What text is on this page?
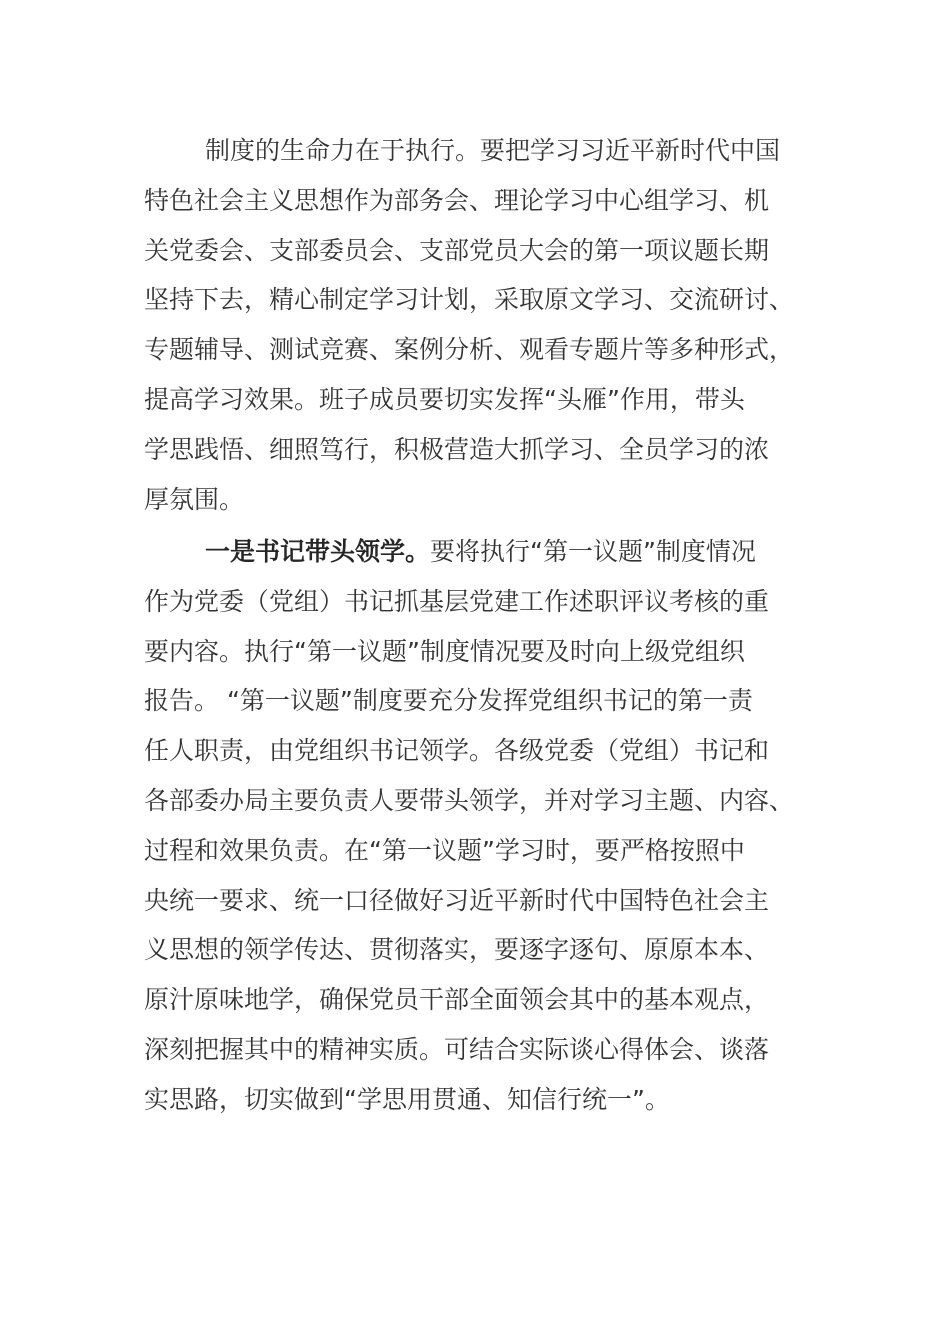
制度的生命力在于执行。要把学习习近平新时代中国
特色社会主义思想作为部务会、理论学习中心组学习、机
关党委会、支部委员会、支部党员大会的第一项议题长期
坚持下去，精心制定学习计划，采取原文学习、交流研讨、
专题辅导、测试竞赛、案例分析、观看专题片等多种形式，
提高学习效果。班子成员要切实发挥“头雁”作用，带头
学思践悟、细照笃行，积极营造大抓学习、全员学习的浓
厚氛围。
一是书记带头领学。要将执行“第一议题”制度情况
作为党委（党组）书记抓基层党建工作述职评议考核的重
要内容。执行“第一议题”制度情况要及时向上级党组织
报告。 “第一议题”制度要充分发挥党组织书记的第一责
任人职责，由党组织书记领学。各级党委（党组）书记和
各部委办局主要负责人要带头领学，并对学习主题、内容、
过程和效果负责。在“第一议题”学习时，要严格按照中
央统一要求、统一口径做好习近平新时代中国特色社会主
义思想的领学传达、贯彻落实，要逐字逐句、原原本本、
原汁原味地学，确保党员干部全面领会其中的基本观点，
深刻把握其中的精神实质。可结合实际谈心得体会、谈落
实思路，切实做到“学思用贯通、知信行统一”。
